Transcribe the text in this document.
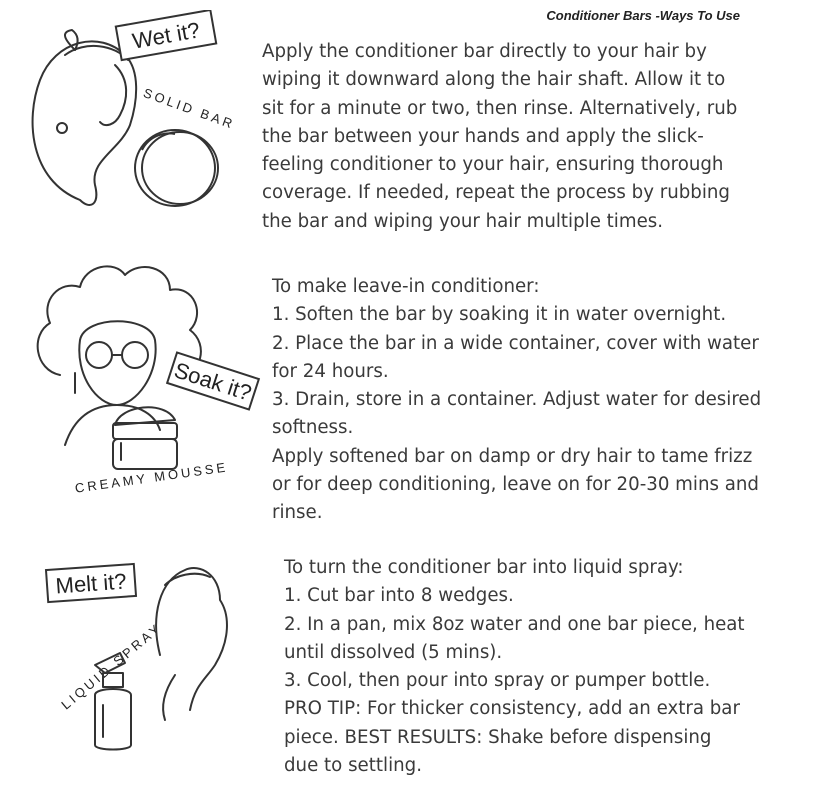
Conditioner Bars -Ways To Use
Wet it?
SOLID BAR
Apply the conditioner bar directly to your hair by
wiping it downward along the hair shaft. Allow it to
sit for a minute or two, then rinse. Alternatively, rub
the bar between your hands and apply the slick-
feeling conditioner to your hair, ensuring thorough
coverage. If needed, repeat the process by rubbing
the bar and wiping your hair multiple times.
Soak it?
CREAMY MOUSSE
To make leave-in conditioner:
1. Soften the bar by soaking it in water overnight.
2. Place the bar in a wide container, cover with water
for 24 hours.
3. Drain, store in a container. Adjust water for desired
softness.
Apply softened bar on damp or dry hair to tame frizz
or for deep conditioning, leave on for 20-30 mins and
rinse.
Melt it?
LIQUID SPRAY
To turn the conditioner bar into liquid spray:
1. Cut bar into 8 wedges.
2. In a pan, mix 8oz water and one bar piece, heat
until dissolved (5 mins).
3. Cool, then pour into spray or pumper bottle.
PRO TIP: For thicker consistency, add an extra bar
piece. BEST RESULTS: Shake before dispensing
due to settling.
